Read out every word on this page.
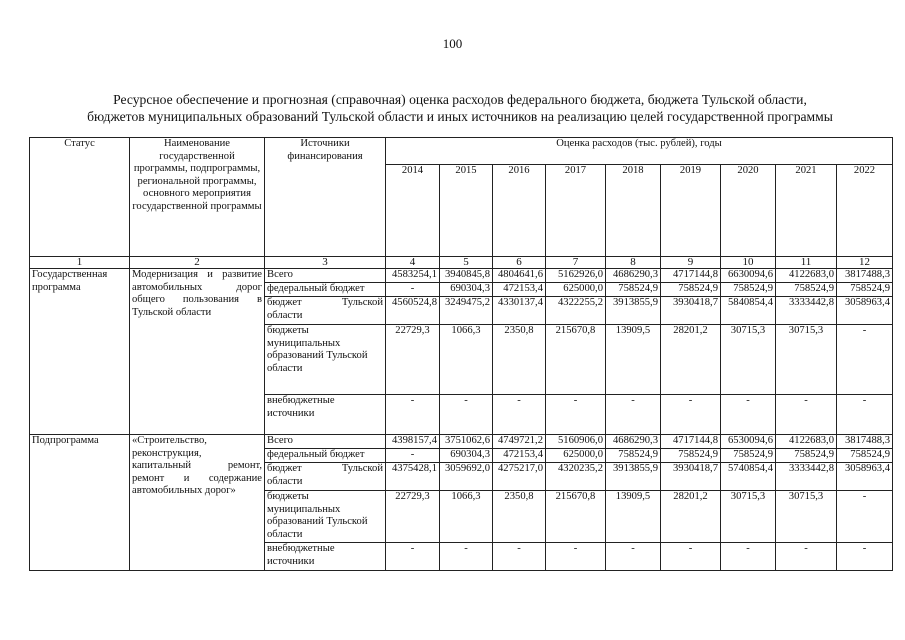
100
Ресурсное обеспечение и прогнозная (справочная) оценка расходов федерального бюджета, бюджета Тульской области,
бюджетов муниципальных образований Тульской области и иных источников на реализацию целей государственной программы
Статус	Наименование государственной программы, подпрограммы, региональной программы, основного мероприятия государственной программы	Источники финансирования	Оценка расходов (тыс. рублей), годы								
			2014	2015	2016	2017	2018	2019	2020	2021	2022
1	2	3	4	5	6	7	8	9	10	11	12
Государственная программа	Модернизация и развитие автомобильных дорог общего пользования в Тульской области	Всего	4583254,1	3940845,8	4804641,6	5162926,0	4686290,3	4717144,8	6630094,6	4122683,0	3817488,3
		федеральный бюджет	-	690304,3	472153,4	625000,0	758524,9	758524,9	758524,9	758524,9	758524,9
		бюджет Тульской области	4560524,8	3249475,2	4330137,4	4322255,2	3913855,9	3930418,7	5840854,4	3333442,8	3058963,4
		бюджеты муниципальных образований Тульской области	22729,3	1066,3	2350,8	215670,8	13909,5	28201,2	30715,3	30715,3	-
		внебюджетные источники	-	-	-	-	-	-	-	-	-
Подпрограмма	«Строительство, реконструкция, капитальный ремонт, ремонт и содержание автомобильных дорог»	Всего	4398157,4	3751062,6	4749721,2	5160906,0	4686290,3	4717144,8	6530094,6	4122683,0	3817488,3
		федеральный бюджет	-	690304,3	472153,4	625000,0	758524,9	758524,9	758524,9	758524,9	758524,9
		бюджет Тульской области	4375428,1	3059692,0	4275217,0	4320235,2	3913855,9	3930418,7	5740854,4	3333442,8	3058963,4
		бюджеты муниципальных образований Тульской области	22729,3	1066,3	2350,8	215670,8	13909,5	28201,2	30715,3	30715,3	-
		внебюджетные источники	-	-	-	-	-	-	-	-	-
